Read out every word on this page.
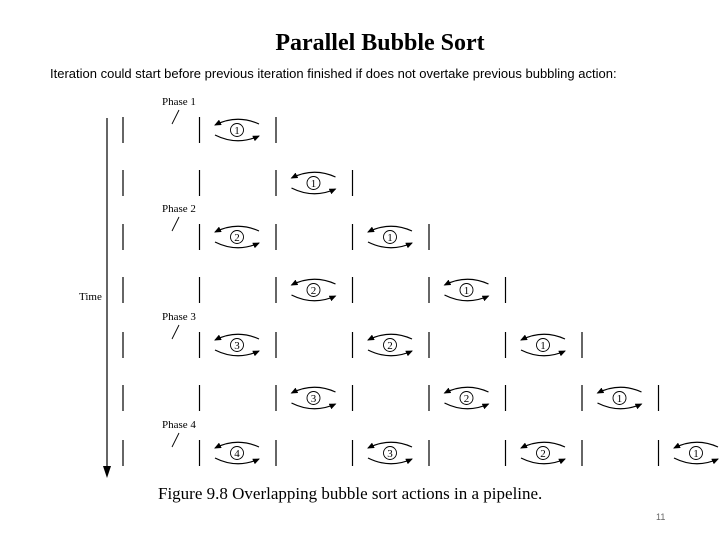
Parallel Bubble Sort
Iteration could start before previous iteration finished if does not overtake previous bubbling action:
Time
Phase 1
1
1
Phase 2
2	1
2	1
Phase 3
3	2	1
3	2	1
Phase 4
4	3	2	1
Figure 9.8 Overlapping bubble sort actions in a pipeline.
11
